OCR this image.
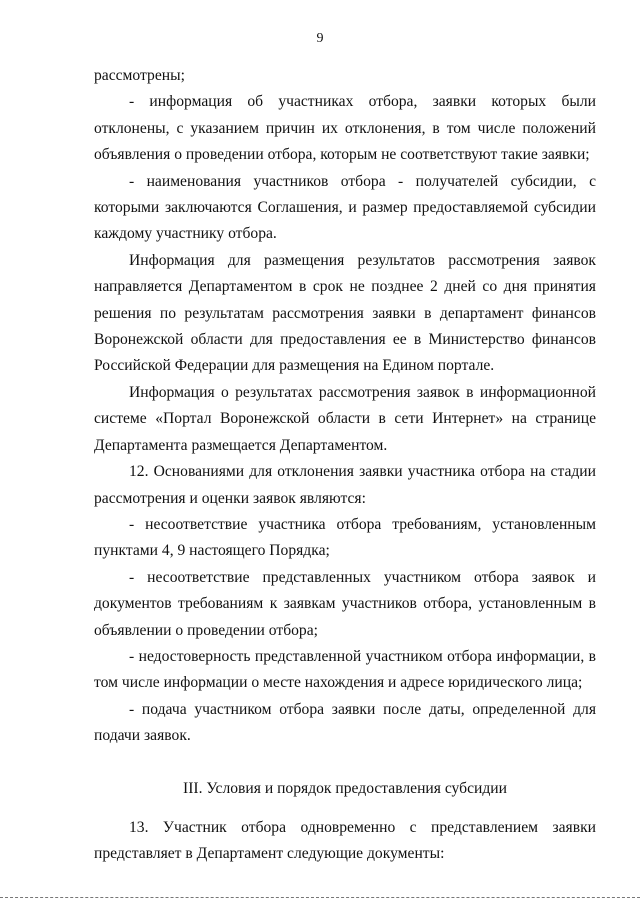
9

рассмотрены;

- информация об участниках отбора, заявки которых были отклонены, с указанием причин их отклонения, в том числе положений объявления о проведении отбора, которым не соответствуют такие заявки;

- наименования участников отбора - получателей субсидии, с которыми заключаются Соглашения, и размер предоставляемой субсидии каждому участнику отбора.

Информация для размещения результатов рассмотрения заявок направляется Департаментом в срок не позднее 2 дней со дня принятия решения по результатам рассмотрения заявки в департамент финансов Воронежской области для предоставления ее в Министерство финансов Российской Федерации для размещения на Едином портале.

Информация о результатах рассмотрения заявок в информационной системе «Портал Воронежской области в сети Интернет» на странице Департамента размещается Департаментом.

12. Основаниями для отклонения заявки участника отбора на стадии рассмотрения и оценки заявок являются:

- несоответствие участника отбора требованиям, установленным пунктами 4, 9 настоящего Порядка;

- несоответствие представленных участником отбора заявок и документов требованиям к заявкам участников отбора, установленным в объявлении о проведении отбора;

- недостоверность представленной участником отбора информации, в том числе информации о месте нахождения и адресе юридического лица;

- подача участником отбора заявки после даты, определенной для подачи заявок.

III. Условия и порядок предоставления субсидии

13. Участник отбора одновременно с представлением заявки представляет в Департамент следующие документы:
